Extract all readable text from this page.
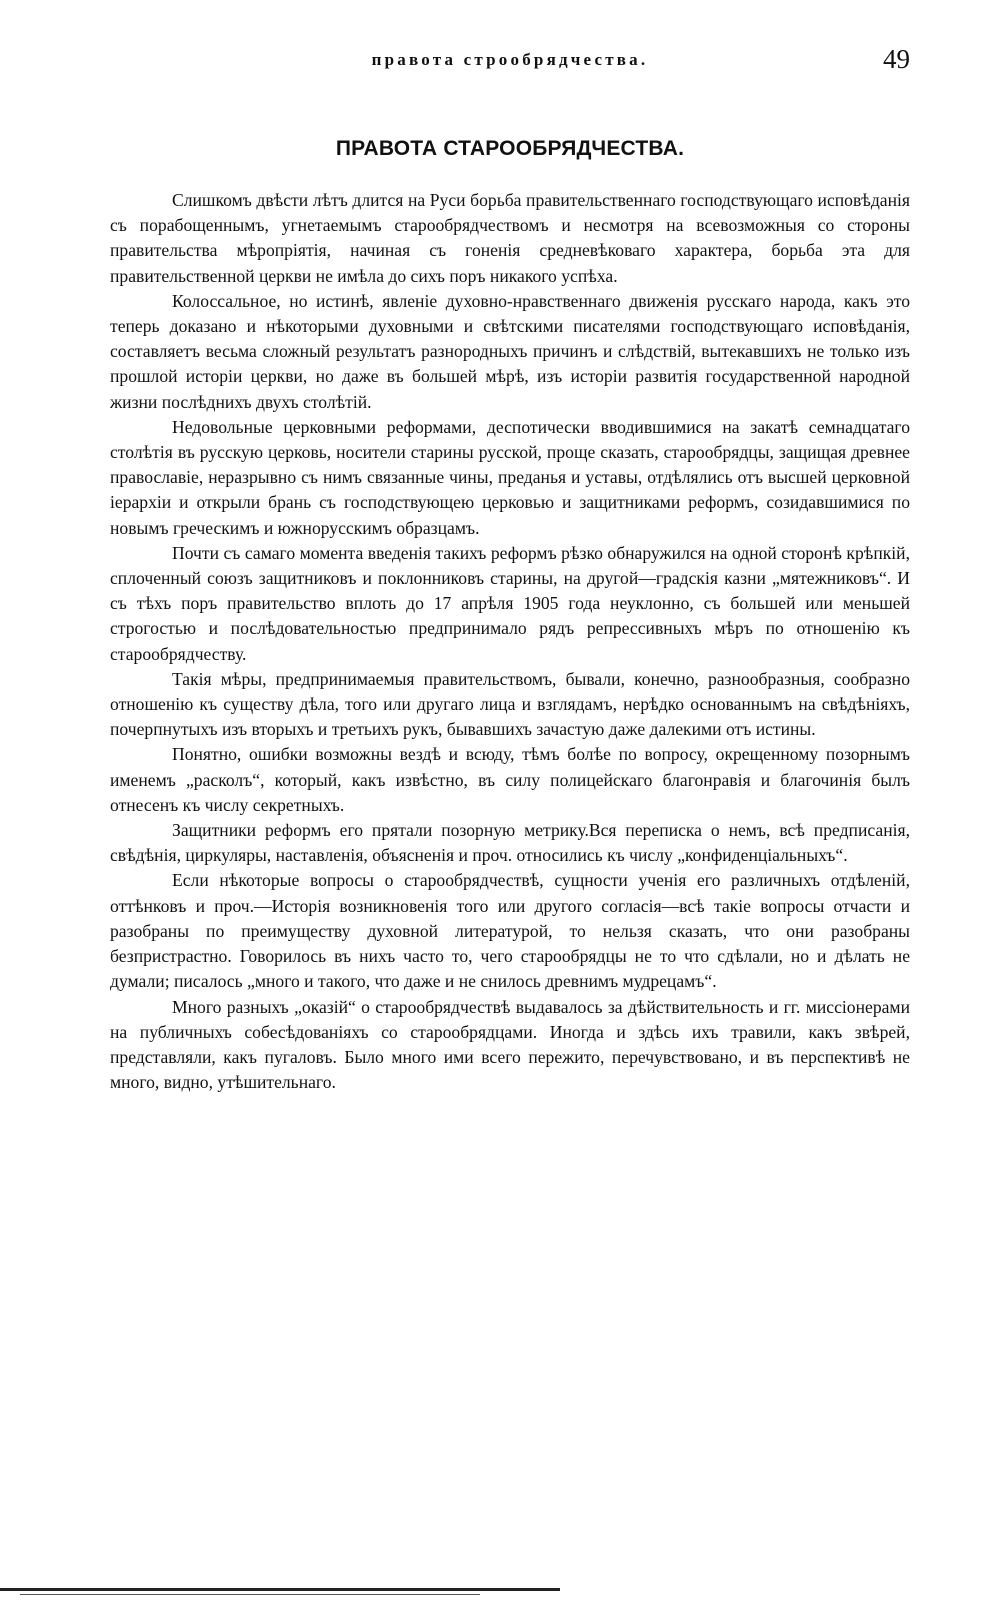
правота строобрядчества.	49
ПРАВОТА СТАРООБРЯДЧЕСТВА.

Слишкомъ двѣсти лѣтъ длится на Руси борьба правительственнаго господствующаго исповѣданія съ порабощеннымъ, угнетаемымъ старообрядчествомъ и несмотря на всевозможныя со стороны правительства мѣропріятія, начиная съ гоненія средневѣковаго характера, борьба эта для правительственной церкви не имѣла до сихъ поръ никакого успѣха.

Колоссальное, но истинѣ, явленіе духовно-нравственнаго движенія русскаго народа, какъ это теперь доказано и нѣкоторыми духовными и свѣтскими писателями господствующаго исповѣданія, составляетъ весьма сложный результатъ разнородныхъ причинъ и слѣдствій, вытекавшихъ не только изъ прошлой исторіи церкви, но даже въ большей мѣрѣ, изъ исторіи развитія государственной народной жизни послѣднихъ двухъ столѣтій.

Недовольные церковными реформами, деспотически вводившимися на закатѣ семнадцатаго столѣтія въ русскую церковь, носители старины русской, проще сказать, старообрядцы, защищая древнее православіе, неразрывно съ нимъ связанные чины, преданья и уставы, отдѣлялись отъ высшей церковной іерархіи и открыли брань съ господствующею церковью и защитниками реформъ, созидавшимися по новымъ греческимъ и южнорусскимъ образцамъ.

Почти съ самаго момента введенія такихъ реформъ рѣзко обнаружился на одной сторонѣ крѣпкій, сплоченный союзъ защитниковъ и поклонниковъ старины, на другой—градскія казни „мятежниковъ“. И съ тѣхъ поръ правительство вплоть до 17 апрѣля 1905 года неуклонно, съ большей или меньшей строгостью и послѣдовательностью предпринимало рядъ репрессивныхъ мѣръ по отношенію къ старообрядчеству.

Такія мѣры, предпринимаемыя правительствомъ, бывали, конечно, разнообразныя, сообразно отношенію къ существу дѣла, того или другаго лица и взглядамъ, нерѣдко основаннымъ на свѣдѣніяхъ, почерпнутыхъ изъ вторыхъ и третьихъ рукъ, бывавшихъ зачастую даже далекими отъ истины.

Понятно, ошибки возможны вездѣ и всюду, тѣмъ болѣе по вопросу, окрещенному позорнымъ именемъ „расколъ“, который, какъ извѣстно, въ силу полицейскаго благонравія и благочинія былъ отнесенъ къ числу секретныхъ.

Защитники реформъ его прятали позорную метрику.Вся переписка о немъ, всѣ предписанія, свѣдѣнія, циркуляры, наставленія, объясненія и проч. относились къ числу „конфиденціальныхъ“.

Если нѣкоторые вопросы о старообрядчествѣ, сущности ученія его различныхъ отдѣленій, оттѣнковъ и проч.—Исторія возникновенія того или другого согласія—всѣ такіе вопросы отчасти и разобраны по преимуществу духовной литературой, то нельзя сказать, что они разобраны безпристрастно. Говорилось въ нихъ часто то, чего старообрядцы не то что сдѣлали, но и дѣлать не думали; писалось „много и такого, что даже и не снилось древнимъ мудрецамъ“.

Много разныхъ „оказій“ о старообрядчествѣ выдавалось за дѣйствительность и гг. миссіонерами на публичныхъ собесѣдованіяхъ со старообрядцами. Иногда и здѣсь ихъ травили, какъ звѣрей, представляли, какъ пугаловъ. Было много ими всего пережито, перечувствовано, и въ перспективѣ не много, видно, утѣшительнаго.
